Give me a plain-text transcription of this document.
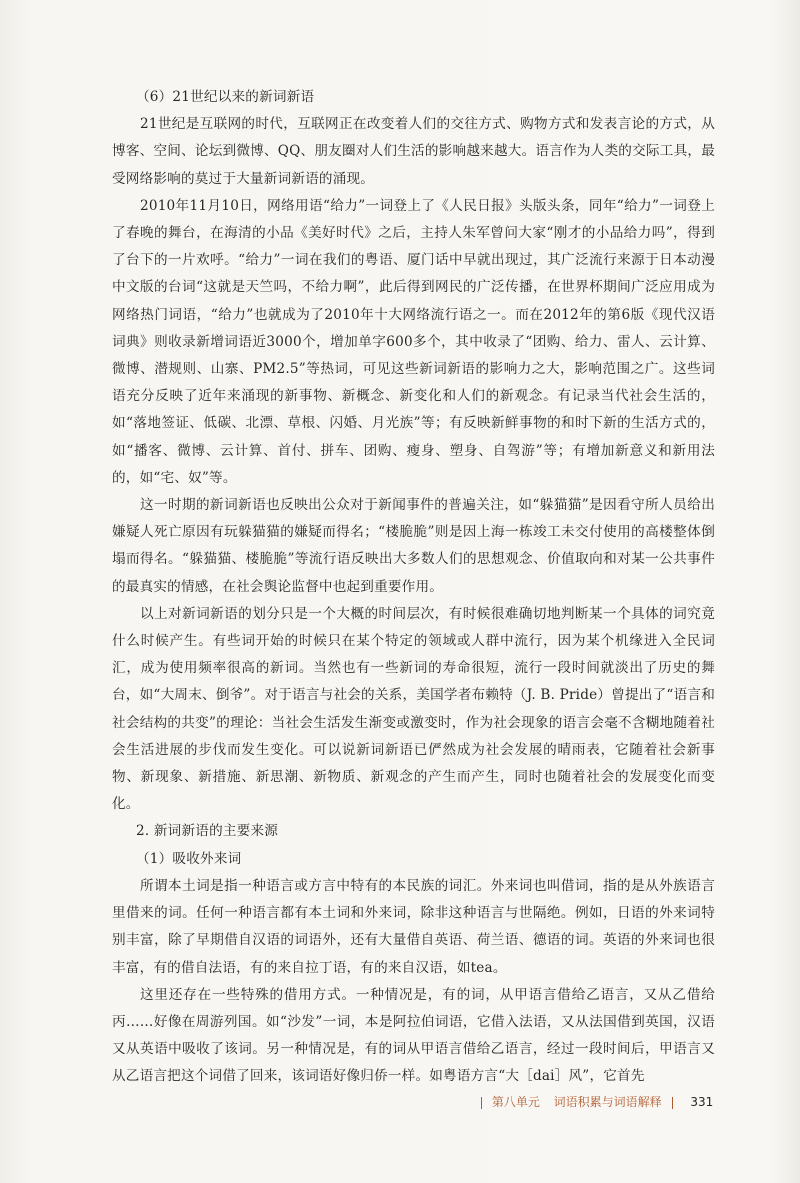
（6）21世纪以来的新词新语

21世纪是互联网的时代，互联网正在改变着人们的交往方式、购物方式和发表言论的方式，从博客、空间、论坛到微博、QQ、朋友圈对人们生活的影响越来越大。语言作为人类的交际工具，最受网络影响的莫过于大量新词新语的涌现。

2010年11月10日，网络用语“给力”一词登上了《人民日报》头版头条，同年“给力”一词登上了春晚的舞台，在海清的小品《美好时代》之后，主持人朱军曾问大家“刚才的小品给力吗”，得到了台下的一片欢呼。“给力”一词在我们的粤语、厦门话中早就出现过，其广泛流行来源于日本动漫中文版的台词“这就是天竺吗，不给力啊”，此后得到网民的广泛传播，在世界杯期间广泛应用成为网络热门词语，“给力”也就成为了2010年十大网络流行语之一。而在2012年的第6版《现代汉语词典》则收录新增词语近3000个，增加单字600多个，其中收录了“团购、给力、雷人、云计算、微博、潜规则、山寨、PM2.5”等热词，可见这些新词新语的影响力之大，影响范围之广。这些词语充分反映了近年来涌现的新事物、新概念、新变化和人们的新观念。有记录当代社会生活的，如“落地签证、低碳、北漂、草根、闪婚、月光族”等；有反映新鲜事物的和时下新的生活方式的，如“播客、微博、云计算、首付、拼车、团购、瘦身、塑身、自驾游”等；有增加新意义和新用法的，如“宅、奴”等。

这一时期的新词新语也反映出公众对于新闻事件的普遍关注，如“躲猫猫”是因看守所人员给出嫌疑人死亡原因有玩躲猫猫的嫌疑而得名；“楼脆脆”则是因上海一栋竣工未交付使用的高楼整体倒塌而得名。“躲猫猫、楼脆脆”等流行语反映出大多数人们的思想观念、价值取向和对某一公共事件的最真实的情感，在社会舆论监督中也起到重要作用。

以上对新词新语的划分只是一个大概的时间层次，有时候很难确切地判断某一个具体的词究竟什么时候产生。有些词开始的时候只在某个特定的领域或人群中流行，因为某个机缘进入全民词汇，成为使用频率很高的新词。当然也有一些新词的寿命很短，流行一段时间就淡出了历史的舞台，如“大周末、倒爷”。对于语言与社会的关系，美国学者布赖特（J. B. Pride）曾提出了“语言和社会结构的共变”的理论：当社会生活发生渐变或激变时，作为社会现象的语言会毫不含糊地随着社会生活进展的步伐而发生变化。可以说新词新语已俨然成为社会发展的晴雨表，它随着社会新事物、新现象、新措施、新思潮、新物质、新观念的产生而产生，同时也随着社会的发展变化而变化。

2. 新词新语的主要来源

（1）吸收外来词

所谓本土词是指一种语言或方言中特有的本民族的词汇。外来词也叫借词，指的是从外族语言里借来的词。任何一种语言都有本土词和外来词，除非这种语言与世隔绝。例如，日语的外来词特别丰富，除了早期借自汉语的词语外，还有大量借自英语、荷兰语、德语的词。英语的外来词也很丰富，有的借自法语，有的来自拉丁语，有的来自汉语，如tea。

这里还存在一些特殊的借用方式。一种情况是，有的词，从甲语言借给乙语言，又从乙借给丙……好像在周游列国。如“沙发”一词，本是阿拉伯词语，它借入法语，又从法国借到英国，汉语又从英语中吸收了该词。另一种情况是，有的词从甲语言借给乙语言，经过一段时间后，甲语言又从乙语言把这个词借了回来，该词语好像归侨一样。如粤语方言“大［dai］风”，它首先

第八单元 词语积累与词语解释 331
